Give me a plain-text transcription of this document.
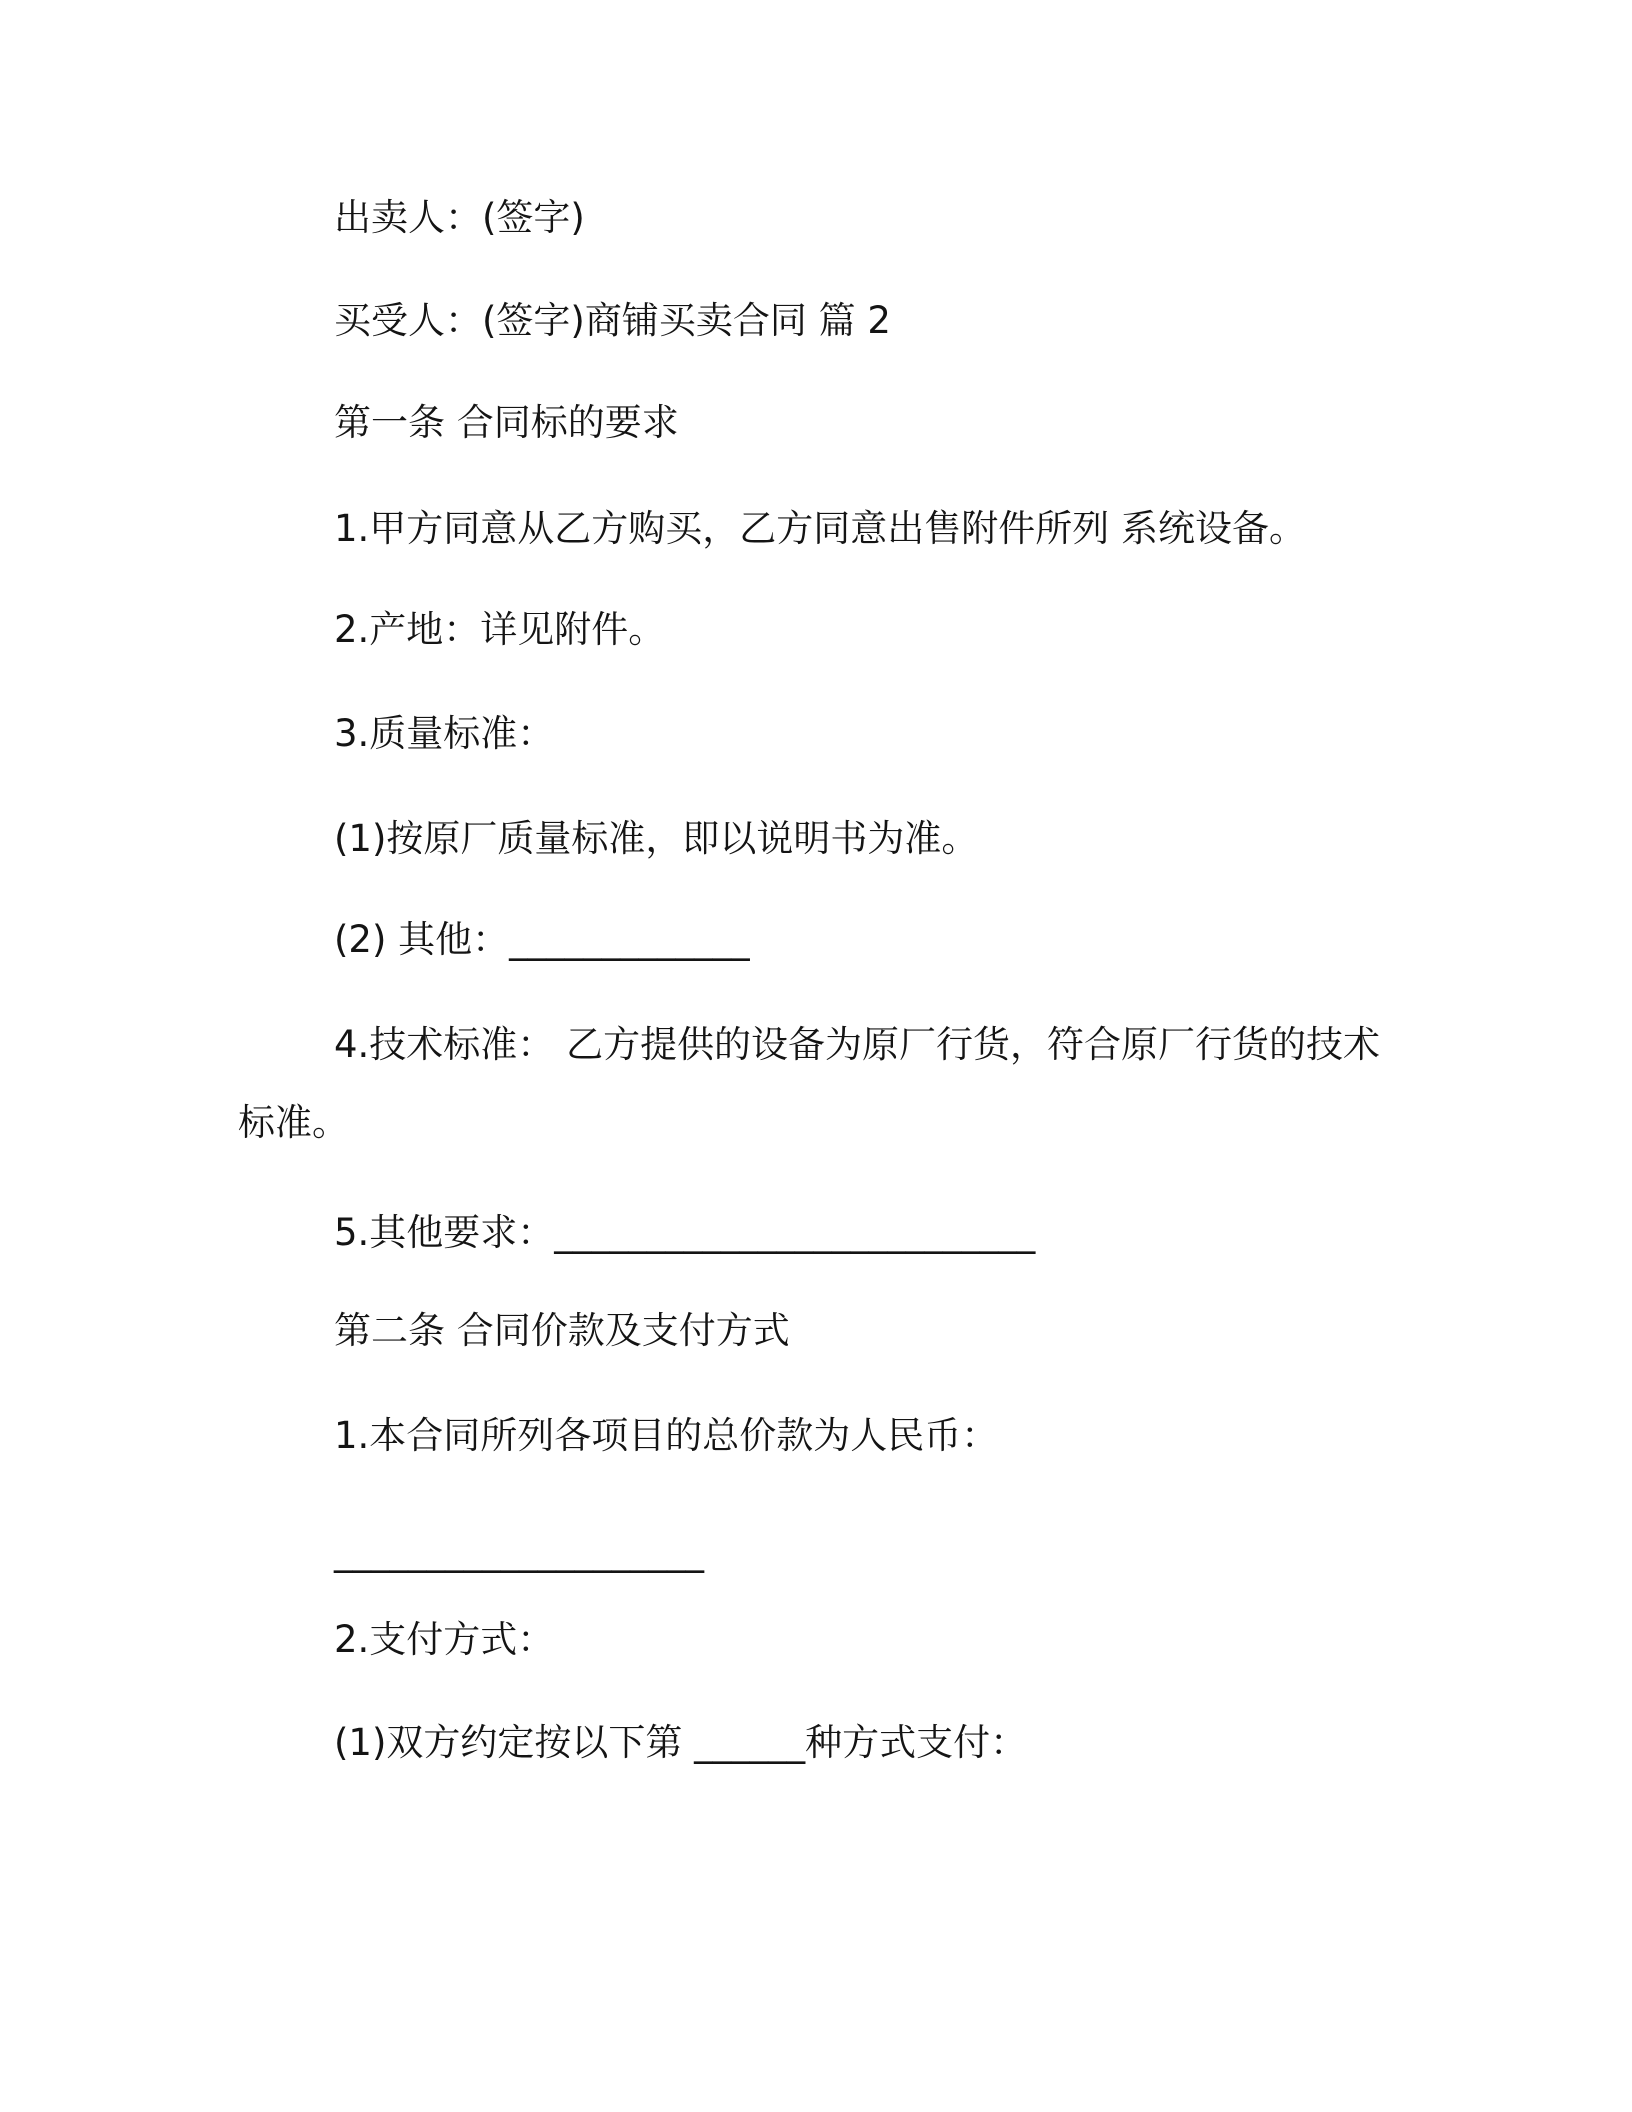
出卖人：(签字)

买受人：(签字)商铺买卖合同 篇 2

第一条 合同标的要求

1.甲方同意从乙方购买，乙方同意出售附件所列 系统设备。

2.产地：详见附件。

3.质量标准：

(1)按原厂质量标准，即以说明书为准。

(2) 其他：_____________

4.技术标准： 乙方提供的设备为原厂行货，符合原厂行货的技术

标准。

5.其他要求：__________________________

第二条 合同价款及支付方式

1.本合同所列各项目的总价款为人民币：

____________________

2.支付方式：

(1)双方约定按以下第 ______种方式支付：
